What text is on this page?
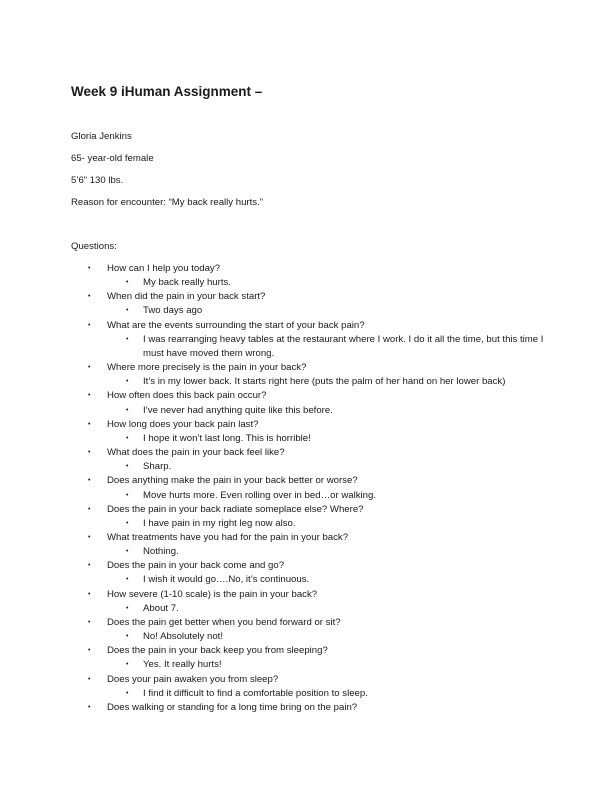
Week 9 iHuman Assignment –

Gloria Jenkins

65- year-old female

5’6” 130 lbs.

Reason for encounter: “My back really hurts.”

Questions:

• How can I help you today?
• My back really hurts.
• When did the pain in your back start?
• Two days ago
• What are the events surrounding the start of your back pain?
• I was rearranging heavy tables at the restaurant where I work. I do it all the time, but this time I must have moved them wrong.
• Where more precisely is the pain in your back?
• It’s in my lower back. It starts right here (puts the palm of her hand on her lower back)
• How often does this back pain occur?
• I’ve never had anything quite like this before.
• How long does your back pain last?
• I hope it won’t last long. This is horrible!
• What does the pain in your back feel like?
• Sharp.
• Does anything make the pain in your back better or worse?
• Move hurts more. Even rolling over in bed…or walking.
• Does the pain in your back radiate someplace else? Where?
• I have pain in my right leg now also.
• What treatments have you had for the pain in your back?
• Nothing.
• Does the pain in your back come and go?
• I wish it would go….No, it’s continuous.
• How severe (1-10 scale) is the pain in your back?
• About 7.
• Does the pain get better when you bend forward or sit?
• No! Absolutely not!
• Does the pain in your back keep you from sleeping?
• Yes. It really hurts!
• Does your pain awaken you from sleep?
• I find it difficult to find a comfortable position to sleep.
• Does walking or standing for a long time bring on the pain?
